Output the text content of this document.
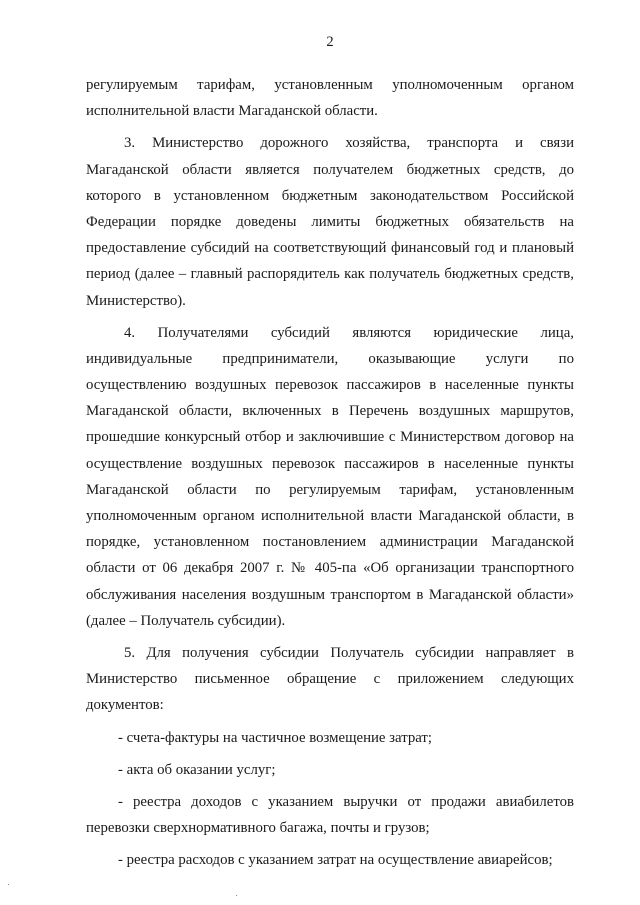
2
регулируемым тарифам, установленным уполномоченным органом
исполнительной власти Магаданской области.
3. Министерство дорожного хозяйства, транспорта и связи
Магаданской области является получателем бюджетных средств, до
которого в установленном бюджетным законодательством Российской
Федерации порядке доведены лимиты бюджетных обязательств на
предоставление субсидий на соответствующий финансовый год и плановый
период (далее – главный распорядитель как получатель бюджетных средств,
Министерство).
4. Получателями субсидий являются юридические лица,
индивидуальные предприниматели, оказывающие услуги по
осуществлению воздушных перевозок пассажиров в населенные пункты
Магаданской области, включенных в Перечень воздушных маршрутов,
прошедшие конкурсный отбор и заключившие с Министерством договор на
осуществление воздушных перевозок пассажиров в населенные пункты
Магаданской области по регулируемым тарифам, установленным
уполномоченным органом исполнительной власти Магаданской области, в
порядке, установленном постановлением администрации Магаданской
области от 06 декабря 2007 г. № 405-па «Об организации транспортного
обслуживания населения воздушным транспортом в Магаданской области»
(далее – Получатель субсидии).
5. Для получения субсидии Получатель субсидии направляет в
Министерство письменное обращение с приложением следующих
документов:
- счета-фактуры на частичное возмещение затрат;
- акта об оказании услуг;
- реестра доходов с указанием выручки от продажи авиабилетов
перевозки сверхнормативного багажа, почты и грузов;
- реестра расходов с указанием затрат на осуществление авиарейсов;
